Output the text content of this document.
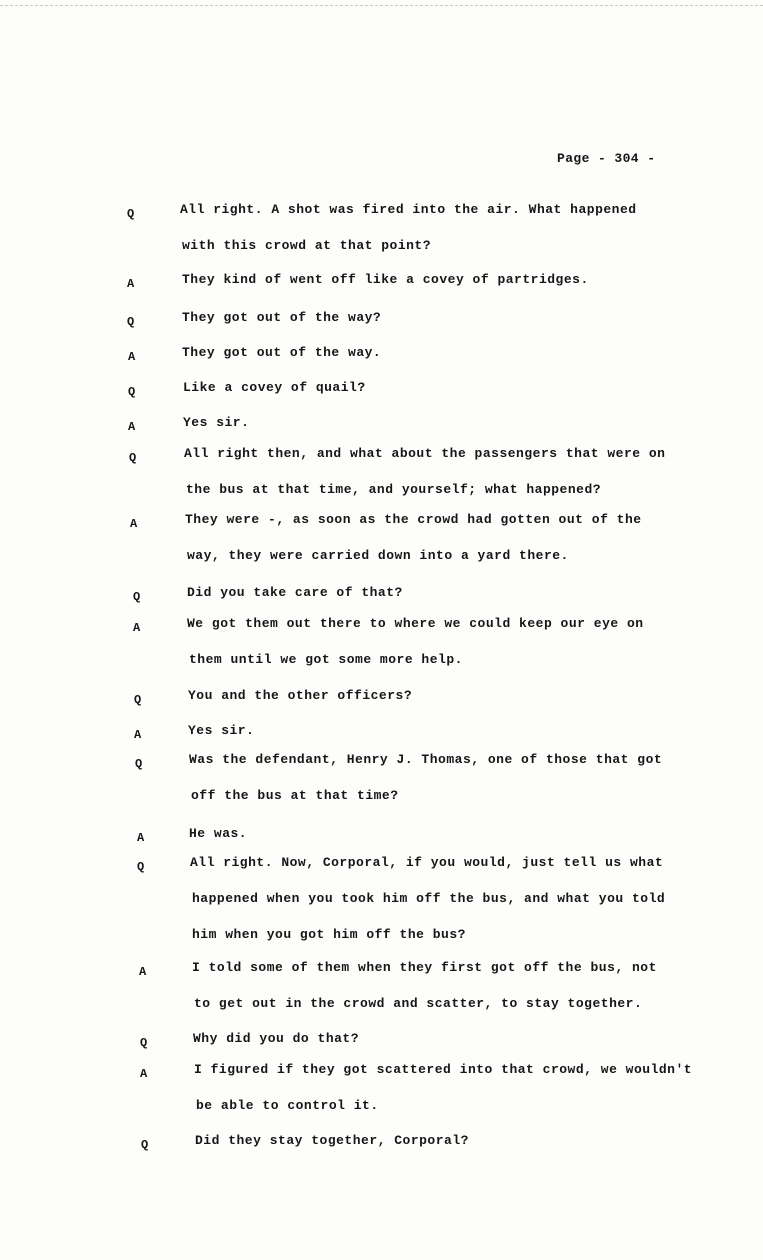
Page - 304 -
Q	All right. A shot was fired into the air. What happened
with this crowd at that point?
A	They kind of went off like a covey of partridges.
Q	They got out of the way?
A	They got out of the way.
Q	Like a covey of quail?
A	Yes sir.
Q	All right then, and what about the passengers that were on
the bus at that time, and yourself; what happened?
A	They were -, as soon as the crowd had gotten out of the
way, they were carried down into a yard there.
Q	Did you take care of that?
A	We got them out there to where we could keep our eye on
them until we got some more help.
Q	You and the other officers?
A	Yes sir.
Q	Was the defendant, Henry J. Thomas, one of those that got
off the bus at that time?
A	He was.
Q	All right. Now, Corporal, if you would, just tell us what
happened when you took him off the bus, and what you told
him when you got him off the bus?
A	I told some of them when they first got off the bus, not
to get out in the crowd and scatter, to stay together.
Q	Why did you do that?
A	I figured if they got scattered into that crowd, we wouldn't
be able to control it.
Q	Did they stay together, Corporal?
